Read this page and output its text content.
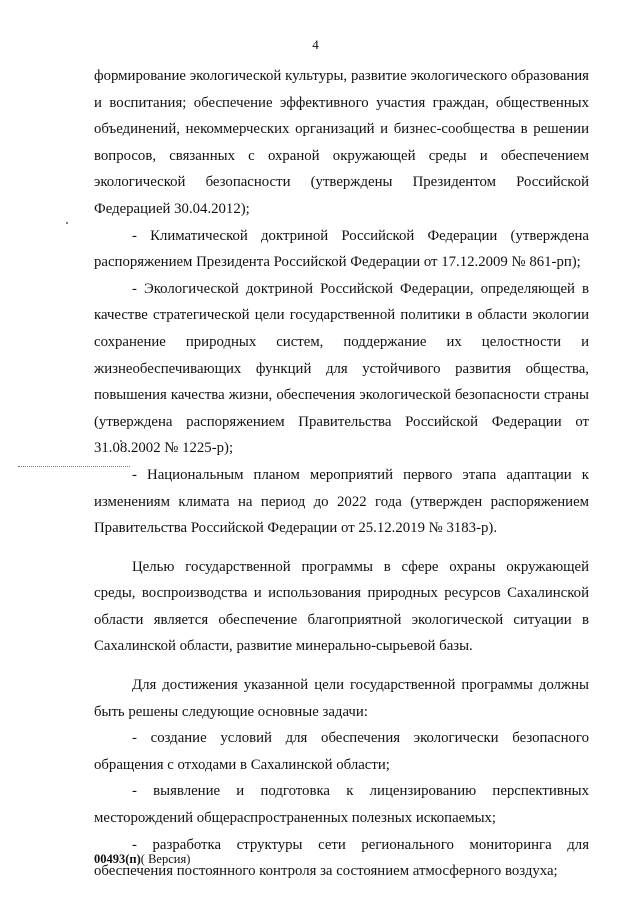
4

формирование экологической культуры, развитие экологического образования и воспитания; обеспечение эффективного участия граждан, общественных объединений, некоммерческих организаций и бизнес-сообщества в решении вопросов, связанных с охраной окружающей среды и обеспечением экологической безопасности (утверждены Президентом Российской Федерацией 30.04.2012);

- Климатической доктриной Российской Федерации (утверждена распоряжением Президента Российской Федерации от 17.12.2009 № 861-рп);

- Экологической доктриной Российской Федерации, определяющей в качестве стратегической цели государственной политики в области экологии сохранение природных систем, поддержание их целостности и жизнеобеспечивающих функций для устойчивого развития общества, повышения качества жизни, обеспечения экологической безопасности страны (утверждена распоряжением Правительства Российской Федерации от 31.08.2002 № 1225-р);

- Национальным планом мероприятий первого этапа адаптации к изменениям климата на период до 2022 года (утвержден распоряжением Правительства Российской Федерации от 25.12.2019 № 3183-р).

Целью государственной программы в сфере охраны окружающей среды, воспроизводства и использования природных ресурсов Сахалинской области является обеспечение благоприятной экологической ситуации в Сахалинской области, развитие минерально-сырьевой базы.

Для достижения указанной цели государственной программы должны быть решены следующие основные задачи:

- создание условий для обеспечения экологически безопасного обращения с отходами в Сахалинской области;

- выявление и подготовка к лицензированию перспективных месторождений общераспространенных полезных ископаемых;

- разработка структуры сети регионального мониторинга для обеспечения постоянного контроля за состоянием атмосферного воздуха;

00493(п)( Версия)
